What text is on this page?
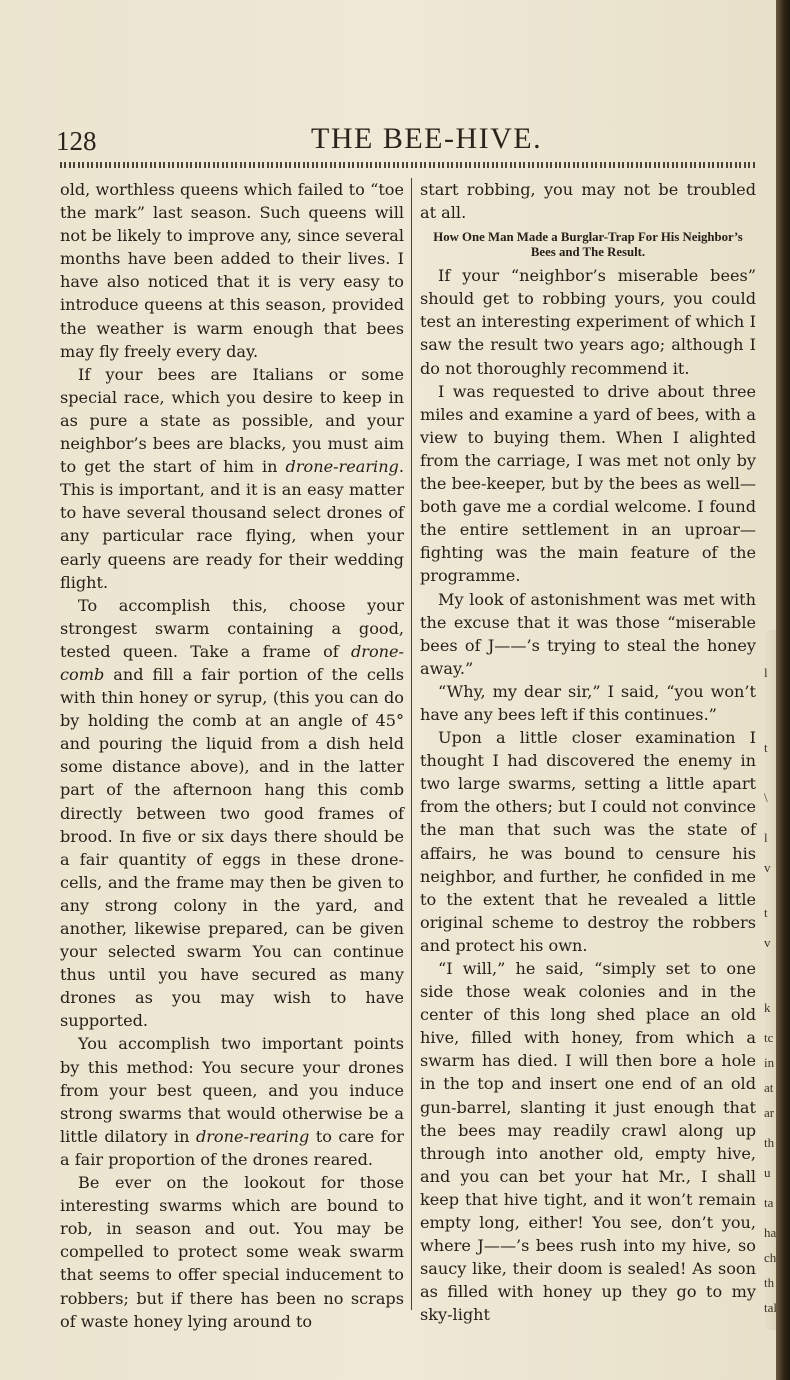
128	THE BEE-HIVE.

old, worthless queens which failed to “toe the mark” last season. Such queens will not be likely to improve any, since several months have been added to their lives. I have also noticed that it is very easy to introduce queens at this season, provided the weather is warm enough that bees may fly freely every day.

If your bees are Italians or some special race, which you desire to keep in as pure a state as possible, and your neighbor’s bees are blacks, you must aim to get the start of him in drone-rearing. This is important, and it is an easy matter to have several thousand select drones of any particular race flying, when your early queens are ready for their wedding flight.

To accomplish this, choose your strongest swarm containing a good, tested queen. Take a frame of drone-comb and fill a fair portion of the cells with thin honey or syrup, (this you can do by holding the comb at an angle of 45° and pouring the liquid from a dish held some distance above), and in the latter part of the afternoon hang this comb directly between two good frames of brood. In five or six days there should be a fair quantity of eggs in these drone-cells, and the frame may then be given to any strong colony in the yard, and another, likewise prepared, can be given your selected swarm You can continue thus until you have secured as many drones as you may wish to have supported.

You accomplish two important points by this method: You secure your drones from your best queen, and you induce strong swarms that would otherwise be a little dilatory in drone-rearing to care for a fair proportion of the drones reared.

Be ever on the lookout for those interesting swarms which are bound to rob, in season and out. You may be compelled to protect some weak swarm that seems to offer special inducement to robbers; but if there has been no scraps of waste honey lying around to

start robbing, you may not be troubled at all.

How One Man Made a Burglar-Trap For His Neighbor’s Bees and The Result.

If your “neighbor’s miserable bees” should get to robbing yours, you could test an interesting experiment of which I saw the result two years ago; although I do not thoroughly recommend it.

I was requested to drive about three miles and examine a yard of bees, with a view to buying them. When I alighted from the carriage, I was met not only by the bee-keeper, but by the bees as well—both gave me a cordial welcome. I found the entire settlement in an uproar—fighting was the main feature of the programme.

My look of astonishment was met with the excuse that it was those “miserable bees of J——’s trying to steal the honey away.”

“Why, my dear sir,” I said, “you won’t have any bees left if this continues.”

Upon a little closer examination I thought I had discovered the enemy in two large swarms, setting a little apart from the others; but I could not convince the man that such was the state of affairs, he was bound to censure his neighbor, and further, he confided in me to the extent that he revealed a little original scheme to destroy the robbers and protect his own.

“I will,” he said, “simply set to one side those weak colonies and in the center of this long shed place an old hive, filled with honey, from which a swarm has died. I will then bore a hole in the top and insert one end of an old gun-barrel, slanting it just enough that the bees may readily crawl along up through into another old, empty hive, and you can bet your hat Mr., I shall keep that hive tight, and it won’t remain empty long, either! You see, don’t you, where J——’s bees rush into my hive, so saucy like, their doom is sealed! As soon as filled with honey up they go to my sky-light

l
t
\
l
v
t
v
k
tc
in
at
ar
th
u
ta
ha
ch
th
tal
